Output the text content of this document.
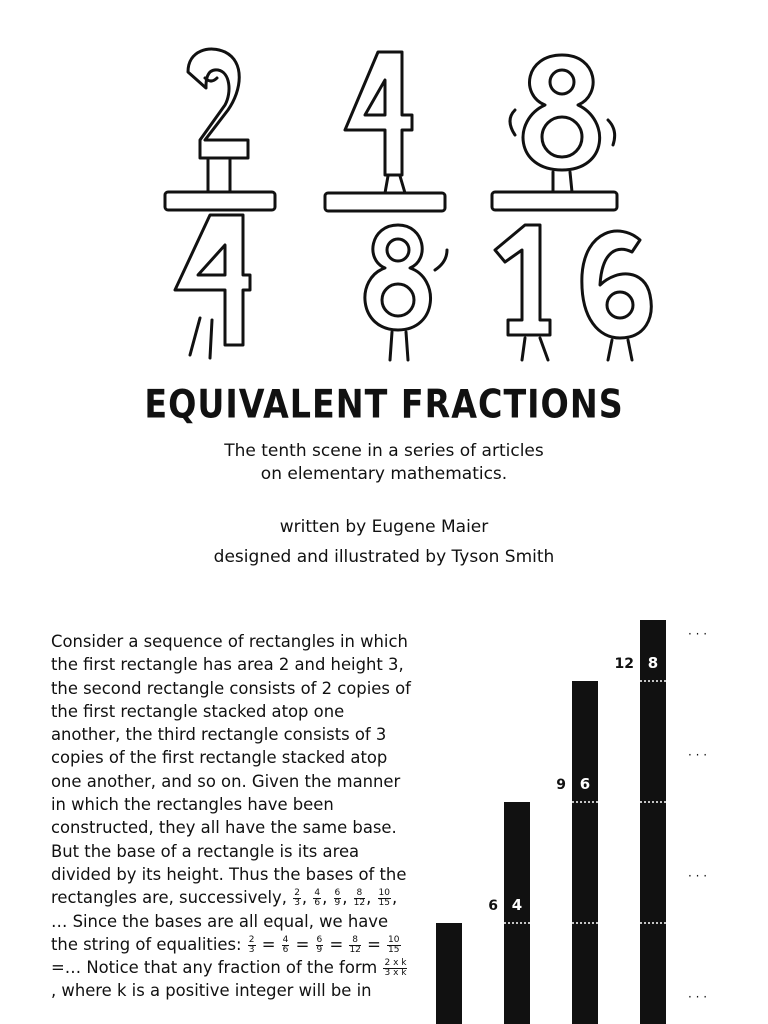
EQUIVALENT FRACTIONS
The tenth scene in a series of articles
on elementary mathematics.
written by Eugene Maier
designed and illustrated by Tyson Smith

Consider a sequence of rectangles in which the first rectangle has area 2 and height 3, the second rectangle consists of 2 copies of the first rectangle stacked atop one another, the third rectangle consists of 3 copies of the first rectangle stacked atop one another, and so on. Given the manner in which the rectangles have been constructed, they all have the same base. But the base of a rectangle is its area divided by its height. Thus the bases of the rectangles are, successively, $\frac{2}{3}$ , $\frac{4}{6}$ , $\frac{6}{9}$ , $\frac{8}{12}$ , $\frac{10}{15}$ , … Since the bases are all equal, we have the string of equalities: $\frac{2}{3} = \frac{4}{6} = \frac{6}{9} = \frac{8}{12} = \frac{10}{15}$
=… Notice that any fraction of the form $\frac{\text{2 x k}}{\text{3 x k}}$
, where k is a positive integer will be in

4
6
6
9
8
12
· · ·
· · ·
· · ·
· · ·
